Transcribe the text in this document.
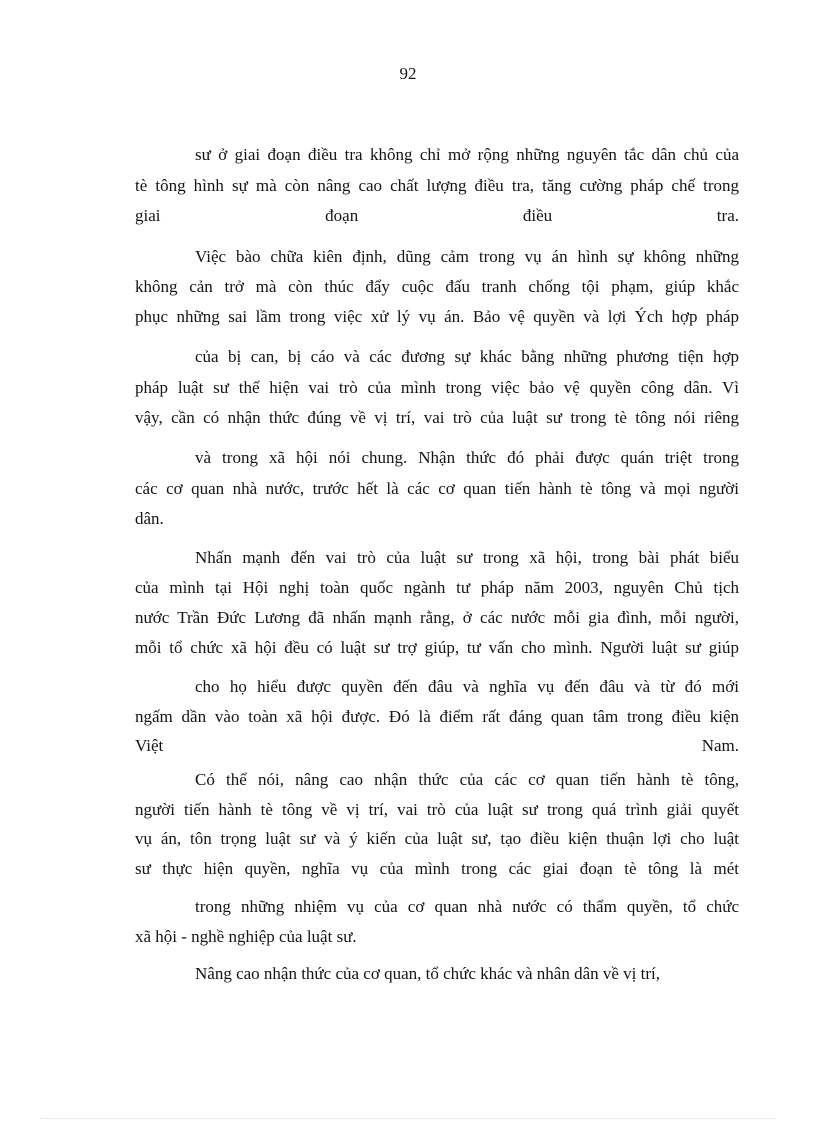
92
sư ở giai đoạn điều tra không chỉ mở rộng những nguyên tắc dân chủ của
tè tông hình sự mà còn nâng cao chất lượng điều tra, tăng cường pháp chế trong
giai đoạn điều tra.
Việc bào chữa kiên định, dũng cảm trong vụ án hình sự không những
không cản trở mà còn thúc đẩy cuộc đấu tranh chống tội phạm, giúp khắc
phục những sai lầm trong việc xử lý vụ án. Bảo vệ quyền và lợi Ých hợp pháp
của bị can, bị cáo và các đương sự khác bằng những phương tiện hợp
pháp luật sư thể hiện vai trò của mình trong việc bảo vệ quyền công dân. Vì
vậy, cần có nhận thức đúng về vị trí, vai trò của luật sư trong tè tông nói riêng
và trong xã hội nói chung. Nhận thức đó phải được quán triệt trong
các cơ quan nhà nước, trước hết là các cơ quan tiến hành tè tông và mọi người
dân.
Nhấn mạnh đến vai trò của luật sư trong xã hội, trong bài phát biểu
của mình tại Hội nghị toàn quốc ngành tư pháp năm 2003, nguyên Chủ tịch
nước Trần Đức Lương đã nhấn mạnh rằng, ở các nước mỗi gia đình, mỗi người,
mỗi tổ chức xã hội đều có luật sư trợ giúp, tư vấn cho mình. Người luật sư giúp
cho họ hiểu được quyền đến đâu và nghĩa vụ đến đâu và từ đó mới
ngấm dần vào toàn xã hội được. Đó là điểm rất đáng quan tâm trong điều kiện
Việt Nam.
Có thể nói, nâng cao nhận thức của các cơ quan tiến hành tè tông,
người tiến hành tè tông về vị trí, vai trò của luật sư trong quá trình giải quyết
vụ án, tôn trọng luật sư và ý kiến của luật sư, tạo điều kiện thuận lợi cho luật
sư thực hiện quyền, nghĩa vụ của mình trong các giai đoạn tè tông là mét
trong những nhiệm vụ của cơ quan nhà nước có thẩm quyền, tổ chức
xã hội - nghề nghiệp của luật sư.
Nâng cao nhận thức của cơ quan, tổ chức khác và nhân dân về vị trí,
